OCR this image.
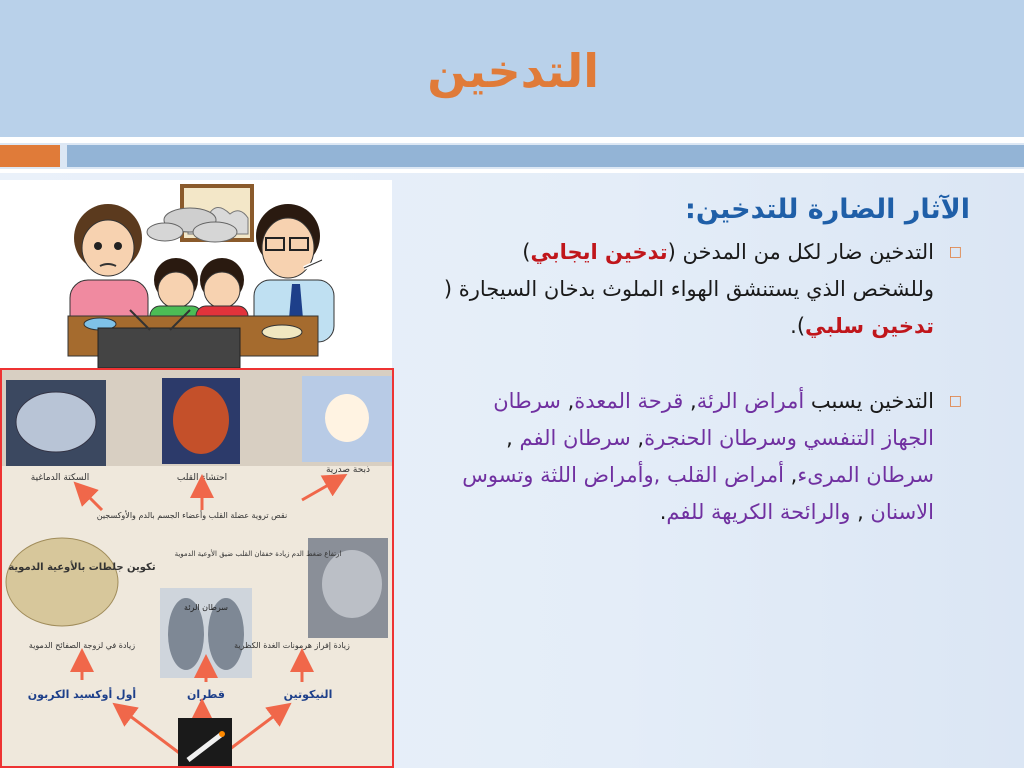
التدخين
السكتة الدماغية	احتشاء القلب
ذبحة صدرية
نقص تروية عضلة القلب وأعضاء الجسم بالدم والأوكسجين
تكوين جلطات بالأوعية الدموية
ارتفاع ضغط الدم زيادة خفقان القلب ضيق الأوعية الدموية
سرطان الرئة
زيادة في لزوجة الصفائح الدموية	زيادة إفراز هرمونات الغدة الكظرية
أول أوكسيد الكربون	قطران	النيكوتين
الآثار الضارة للتدخين:
□
التدخين ضار لكل من المدخن (تدخين ايجابي) وللشخص الذي يستنشق الهواء الملوث بدخان السيجارة ( تدخين سلبي).
□
التدخين يسبب أمراض الرئة, قرحة المعدة, سرطان الجهاز التنفسي وسرطان الحنجرة, سرطان الفم , سرطان المرىء, أمراض القلب ,وأمراض اللثة وتسوس الاسنان , والرائحة الكريهة للفم.
